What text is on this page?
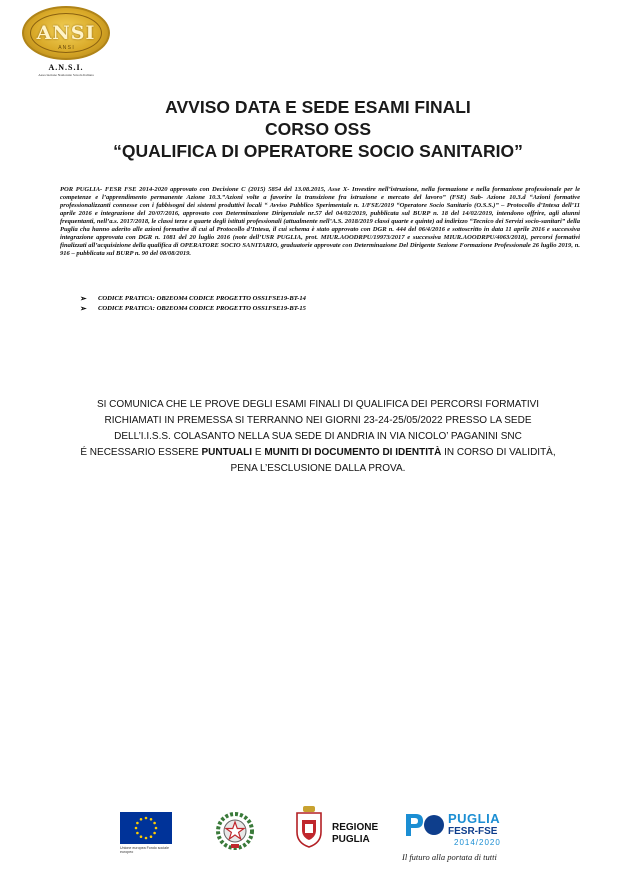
ANSI
A N S I
A.N.S.I.
Associazione Nazionale Scuola Italiana
AVVISO DATA E SEDE ESAMI FINALI
CORSO OSS
“QUALIFICA DI OPERATORE SOCIO SANITARIO”
POR PUGLIA- FESR FSE 2014-2020 approvato con Decisione C (2015) 5854 del 13.08.2015, Asse X- Investire nell’istruzione, nella formazione e nella formazione professionale per le competenze e l’apprendimento permanente Azione 10.3.”Azioni volte a favorire la transizione fra istruzione e mercato del lavoro” (FSE) Sub- Azione 10.3.d “Azioni formative professionalizzanti connesse con i fabbisogni dei sistemi produttivi locali “ Avviso Pubblico Sperimentale n. 1/FSE/2019 “Operatore Socio Sanitario (O.S.S.)” – Protocollo d’Intesa dell’11 aprile 2016 e integrazione del 20/07/2016, approvato con Determinazione Dirigenziale nr.57 del 04/02/2019, pubblicata sul BURP n. 18 del 14/02/2019, intendono offrire, agli alunni frequentanti, nell’a.s. 2017/2018, le classi terze e quarte degli istituti professionali (attualmente nell’A.S. 2018/2019 classi quarte e quinte) ad indirizzo “Tecnico dei Servizi socio-sanitari” della Puglia cha hanno aderito alle azioni formative di cui al Protocollo d’Intesa, il cui schema è stato approvato con DGR n. 444 del 06/4/2016 e sottoscritto in data 11 aprile 2016 e successiva integrazione approvata con DGR n. 1081 del 20 luglio 2016 (note dell’USR PUGLIA, prot. MIUR.AOODRPU/19973/2017 e successiva MIUR.AOODRPU/4063/2018), percorsi formativi finalizzati all’acquisizione della qualifica di OPERATORE SOCIO SANITARIO, graduatorie approvate con Determinazione Del Dirigente Sezione Formazione Professionale 26 luglio 2019, n. 916 – pubblicata sul BURP n. 90 del 08/08/2019.
➢	CODICE PRATICA: OB2EOM4 CODICE PROGETTO OSS1FSE19-BT-14
➢	CODICE PRATICA: OB2EOM4 CODICE PROGETTO OSS1FSE19-BT-15
SI COMUNICA CHE LE PROVE DEGLI ESAMI FINALI DI QUALIFICA DEI PERCORSI FORMATIVI
RICHIAMATI IN PREMESSA SI TERRANNO NEI GIORNI 23-24-25/05/2022 PRESSO LA SEDE
DELL’I.I.S.S. COLASANTO NELLA SUA SEDE DI ANDRIA IN VIA NICOLO’ PAGANINI SNC
É NECESSARIO ESSERE PUNTUALI E MUNITI DI DOCUMENTO DI IDENTITÀ IN CORSO DI VALIDITÀ,
PENA L’ESCLUSIONE DALLA PROVA.
Unione europea Fondo sociale europeo
REGIONE
PUGLIA
PUGLIA
FESR-FSE
2014/2020
Il futuro alla portata di tutti
